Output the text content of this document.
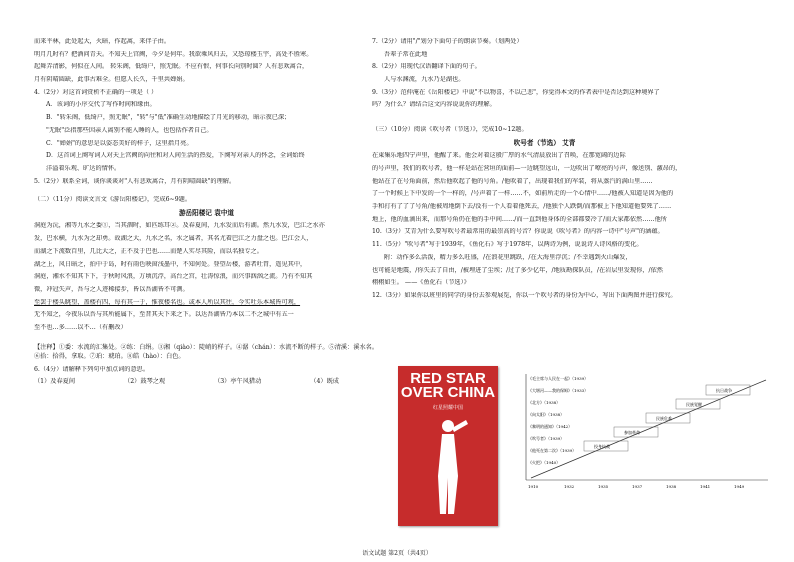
而来平林，此处起大，火暗，作起离，来伴子由。
明月几时有？把酒问青天。不知天上宫阙，今夕是何年。我欲乘风归去，又恐琼楼玉宇，高处不胜寒。
起舞弄清影，何似在人间。 转朱阁，低绮户，照无眠。不应有恨，何事长向别时圆？人有悲欢离合，
月有阴晴圆缺，此事古难全。但愿人长久，千里共婵娟。
4.（2分）对这首词赏析不正确的一项是（ ）
A．该词的小序交代了写作时间和缘由。
B．"转朱阁，低绮户，照无眠"，"转"与"低"准确生动地描绘了月光的移动，暗示夜已深；
"无眠"泛指那些因亲人离别不能入睡的人，也包括作者自己。
C．"婵娟"的意思是以姿态美好的样子，这里指月亮。
D．这首词上阕写词人对天上宫阙的向往和对人间生活的热爱，下阕写对亲人的怀念，全词始终
洋溢着乐观、旷达的情怀。
5.（2分）联系全词，谈你谈谈对"人有悲欢离合，月有阴晴圆缺"的理解。
（二）（11分）阅读文言文《游岳阳楼记》，完成6~9题。
游岳阳楼记 袁中道
洞庭为沅，湘等九水之委①，当其涸时，如匹练耳②。及春夏间，九水发而后有湖。然九水发，巴江之水亦
发，巴水横，九水为之却勇。故湖之大，九水之名，水之属者，其名尤着巴江之力盘之也。巴江会人，
而湖之下流数百里，几比大之，正不及于巴也……而楚人实尽其险，而以名独专之。
湖之上，风日暗之，拍中于岛，时有雨色映窗浅墨中，不知何处。登望岳楼，游者吐胃，遥见其中，
洞庭，湘水不知其下下，于秋时风浪，万顷沉浮，高台之宫，壮涛惊浪，而兴事汹汹之流。乃有不知其
微，冲冠失声，吾与之人迹稀接步，皆以吾湖皆不可测。
至罢于楼头眺望，盖楼有四，每有其一于，惟夜楼名也。或本人所以其往，今实吐乐本城皆可观，
无不知之，今夜乐以吾与其所能属下，至昔其天下来之下。以达吾湖皆乃本以二不之城中有五一
至不也…多……以不…（有删改）
【注释】①委：水流的汇集处。②练：白绢。③湘（qiào）：陡峭的样子。④潺（chán）：水流不断的样子。⑤清溪：溪水名。⑥拾：拾得，拿取。⑦珀：琥珀。⑧皓（hào）：白色。
6.（4分）请解释下列句中加点词的意思。
（1）及春夏间	（2）鼓琴之观	（3）亭午风猎动	（4）既成
7.（2分）请用"/"划分下面句子的朗读节奏。（划两处）
吾辈子常在此地
8.（2分）用现代汉语翻译下面的句子。
人与水渊流，九水乃是湖也。
9.（3分）范仲淹在《岳阳楼记》中说"不以物喜，不以己悲"，你觉得本文的作者表中是否达到这种境界了
吗？为什么？请结合这文内容说说你的理解。
（三）（10分）阅读《吹号者（节选）》，完成10~12题。
吹号者（节选） 艾青
在東集乐地四宁声里，他醒了来。他会对着这般广厚的水气清晨放出了召唤，在那宽阔的边际
的号声里，我们的吹号者，他一样是站在营垣的面前—一边眺望远山，一边吹出了嘹亮的号声，像送别、激昂的，
他站在了在号角面前，然后他吹起了他的号角。/他吹着了，出现着我们的军装，将从蒸汽的满山里……
了一个时候上下中发的一个一样的，/号声着了一样……不，如前所走的一个心情中……/他被人知道是因为他的
手和打有了了了号角/他被周地倒下去/没有一个人看着他死去，/他独个人跌倒/而那被上下他知道他要死了……
地上，他的血滴出来，而那号角仍在他的手中间……/而一直到他身体的全部都要冷了/而大家都依然……他所
10.（3分）艾青为什么要写吹号者最常用的最崇高的号音？你说说《吹号者》的内容一诗中"号声"的涵蕴。
11.（5分）"吹号者"写于1939年，《鱼化石》写于1978年，以两诗为例，说说诗人诗风格的变化。
附：动作多么活泼，精力多么旺盛，/在浪花里跳跃，/在大海里浮沉；/不幸遇到火山爆发，
也可能是地震，/你失去了自由，/被埋进了尘埃；/过了多少亿年，/地质勘探队员，/在岩层里发现你，/依然
栩栩如生。 ——《鱼化石（节选）》
12.（3分）如果你以班里的同学的身份去参观展览，你以一个吹号者的身份为中心，写出下面两图并进行探究。
RED STAR
OVER CHINA
红星照耀中国
《毛主席与人民在一起》（1939）
《大堰河——我的保姆》（1933）
《北方》（1938）
《向太阳》（1938）
《黎明的通知》（1942）
《吹号者》（1939）
《他死在第二次》（1939）
《火把》（1940）
抗日战争
民族觉醒
民族危难
参加革命
投身抗战
1910	1932	1935	1937	1938	1941	1949
语文试题 第2页（共4页）
